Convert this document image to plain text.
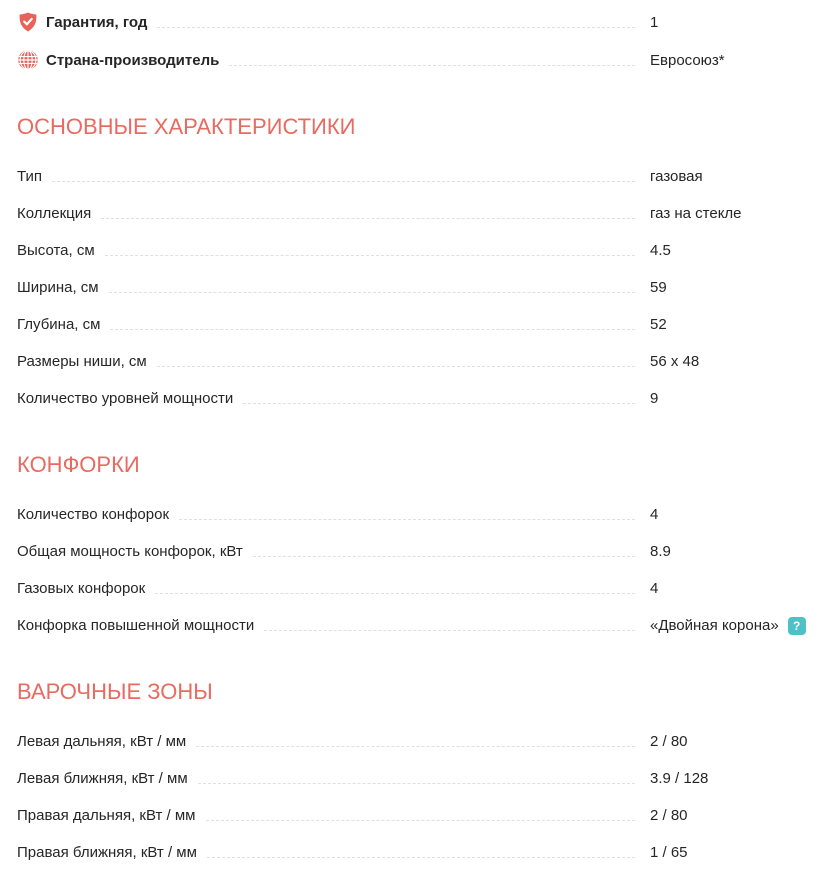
Гарантия, год	1
Страна-производитель	Евросоюз*
ОСНОВНЫЕ ХАРАКТЕРИСТИКИ
Тип	газовая
Коллекция	газ на стекле
Высота, см	4.5
Ширина, см	59
Глубина, см	52
Размеры ниши, см	56 x 48
Количество уровней мощности	9
КОНФОРКИ
Количество конфорок	4
Общая мощность конфорок, кВт	8.9
Газовых конфорок	4
Конфорка повышенной мощности	«Двойная корона»	?
ВАРОЧНЫЕ ЗОНЫ
Левая дальняя, кВт / мм	2 / 80
Левая ближняя, кВт / мм	3.9 / 128
Правая дальняя, кВт / мм	2 / 80
Правая ближняя, кВт / мм	1 / 65
